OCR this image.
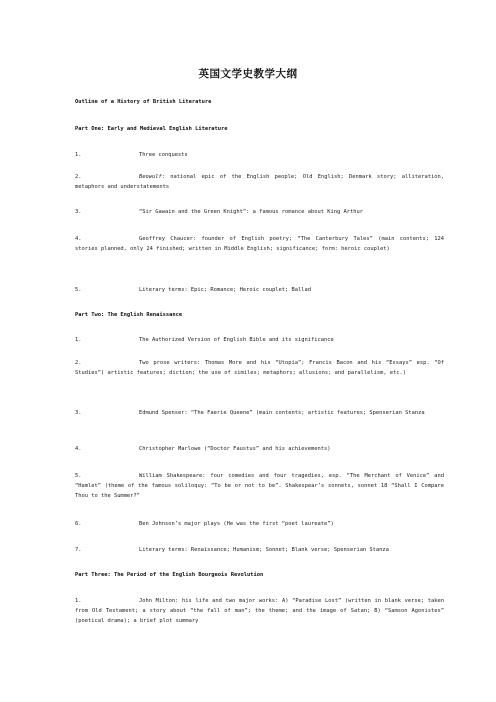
英国文学史教学大纲
Outline of a History of British Literature
Part One: Early and Medieval English Literature
1.	Three conquests
2.	Beowulf: national epic of the English people; Old English; Denmark story; alliteration, metaphors and understatements
3.	“Sir Gawain and the Green Knight”: a famous romance about King Arthur
4.	Geoffrey Chaucer: founder of English poetry; “The Canterbury Tales” (main contents; 124 stories planned, only 24 finished; written in Middle English; significance; form: heroic couplet)
5.	Literary terms: Epic; Romance; Heroic couplet; Ballad
Part Two: The English Renaissance
1.	The Authorized Version of English Bible and its significance
2.	Two prose writers: Thomas More and his “Utopia”; Francis Bacon and his “Essays” esp. “Of Studies”( artistic features; diction; the use of similes; metaphors; allusions; and parallelism, etc.)
3.	Edmund Spenser: “The Faerie Queene” (main contents; artistic features; Spenserian Stanza
4.	Christopher Marlowe (“Doctor Faustus” and his achievements)
5.	William Shakespeare: four comedies and four tragedies, esp. “The Merchant of Venice” and “Hamlet” (theme of the famous soliloquy: “To be or not to be”. Shakespear’s sonnets, sonnet 18 “Shall I Compare Thou to the Summer?”
6.	Ben Johnson’s major plays (He was the first “poet laureate”)
7.	Literary terms: Renaissance; Humanism; Sonnet; Blank verse; Spenserian Stanza
Part Three: The Period of the English Bourgeois Revolution
1.	John Milton: his life and two major works: A) “Paradise Lost” (written in blank verse; taken from Old Testament; a story about “the fall of man”; the theme; and the image of Satan; B) “Samson Agonistes” (poetical drama); a brief plot summary
